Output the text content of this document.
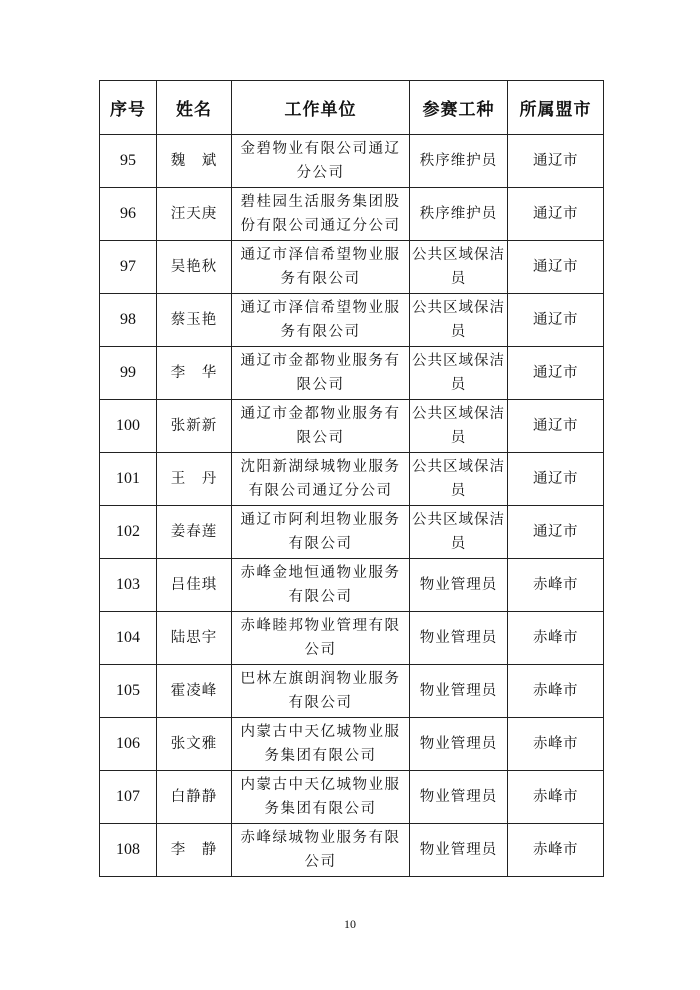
序号	姓名	工作单位	参赛工种	所属盟市
95	魏　斌	金碧物业有限公司通辽分公司	秩序维护员	通辽市
96	汪天庚	碧桂园生活服务集团股份有限公司通辽分公司	秩序维护员	通辽市
97	吴艳秋	通辽市泽信希望物业服务有限公司	公共区域保洁员	通辽市
98	蔡玉艳	通辽市泽信希望物业服务有限公司	公共区域保洁员	通辽市
99	李　华	通辽市金都物业服务有限公司	公共区域保洁员	通辽市
100	张新新	通辽市金都物业服务有限公司	公共区域保洁员	通辽市
101	王　丹	沈阳新湖绿城物业服务有限公司通辽分公司	公共区域保洁员	通辽市
102	姜春莲	通辽市阿利坦物业服务有限公司	公共区域保洁员	通辽市
103	吕佳琪	赤峰金地恒通物业服务有限公司	物业管理员	赤峰市
104	陆思宇	赤峰睦邦物业管理有限公司	物业管理员	赤峰市
105	霍凌峰	巴林左旗朗润物业服务有限公司	物业管理员	赤峰市
106	张文雅	内蒙古中天亿城物业服务集团有限公司	物业管理员	赤峰市
107	白静静	内蒙古中天亿城物业服务集团有限公司	物业管理员	赤峰市
108	李　静	赤峰绿城物业服务有限公司	物业管理员	赤峰市
10
